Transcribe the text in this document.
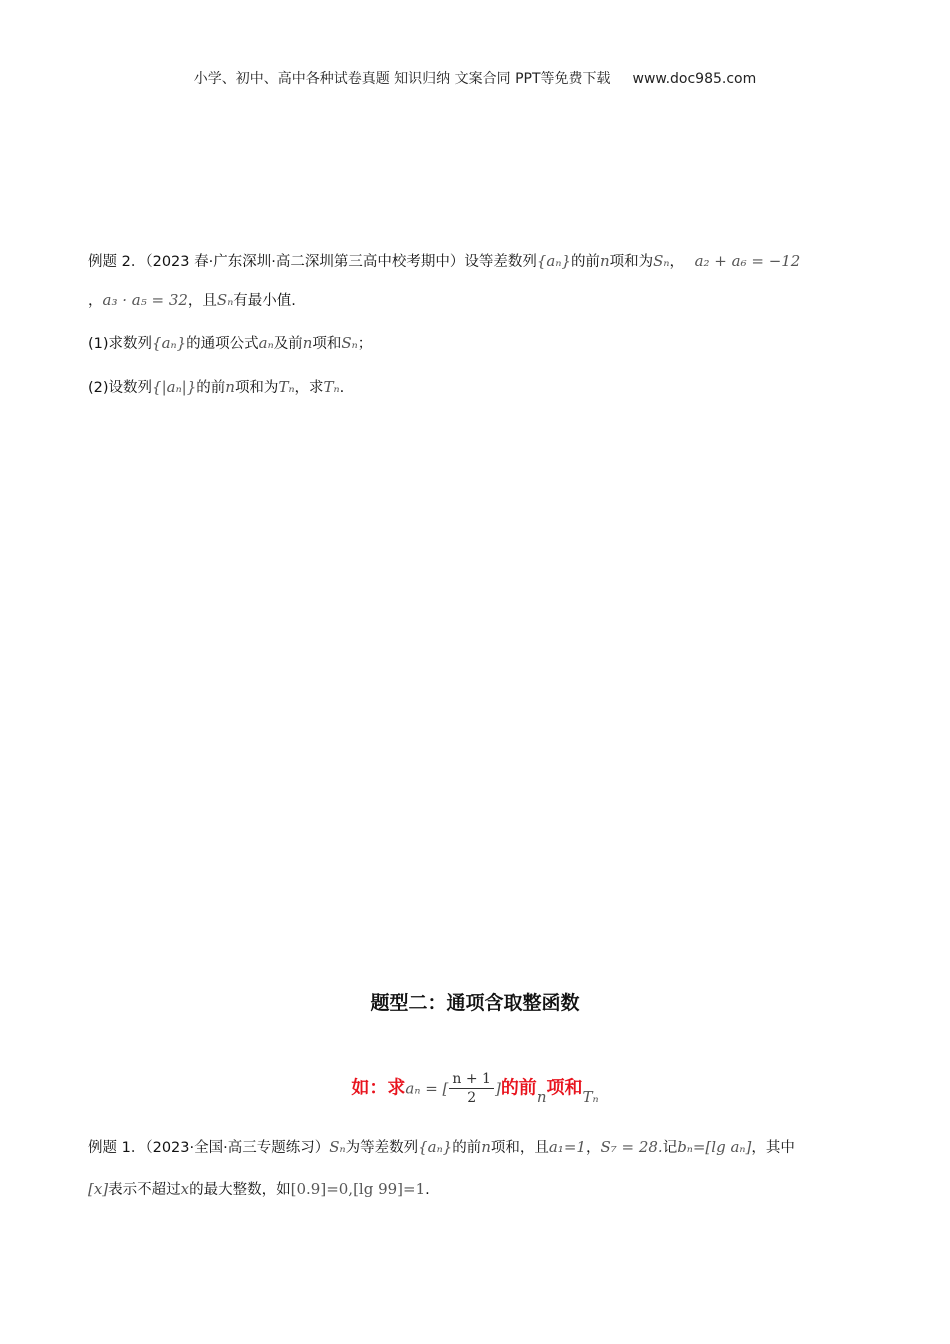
小学、初中、高中各种试卷真题 知识归纳 文案合同 PPT等免费下载 www.doc985.com
例题 2．（2023 春·广东深圳·高二深圳第三高中校考期中）设等差数列{aₙ}的前n项和为Sₙ， a₂ + a₆ = −12
，a₃ · a₅ = 32，且Sₙ有最小值.
(1)求数列{aₙ}的通项公式aₙ及前n项和Sₙ；
(2)设数列{|aₙ|}的前n项和为Tₙ，求Tₙ.
题型二：通项含取整函数
如：求aₙ = [ $\frac{n + 1}{2}$ ]的前$_n$项和$_{T_n}$
例题 1．（2023·全国·高三专题练习）Sₙ为等差数列{aₙ}的前n项和，且a₁=1，S₇ = 28.记bₙ=[lg aₙ]，其中
[x]表示不超过x的最大整数，如[0.9]=0,[lg 99]=1.
